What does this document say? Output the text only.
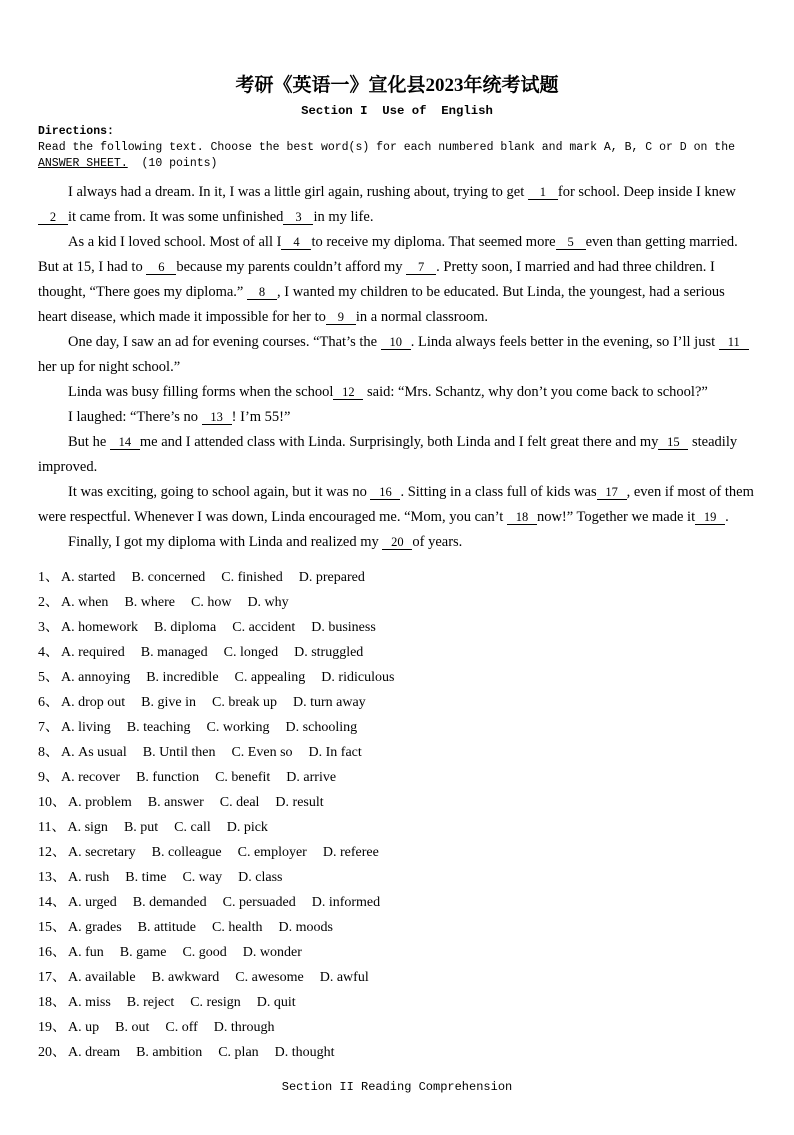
考研《英语一》宣化县2023年统考试题
Section I  Use of  English
Directions:
Read the following text. Choose the best word(s) for each numbered blank and mark A, B, C or D on the
ANSWER SHEET.  (10 points)

I always had a dream. In it, I was a little girl again, rushing about, trying to get 1 for school. Deep inside I knew 2 it came from. It was some unfinished 3 in my life.

As a kid I loved school. Most of all I 4 to receive my diploma. That seemed more 5 even than getting married. But at 15, I had to 6 because my parents couldn’t afford my 7 . Pretty soon, I married and had three children. I thought, “There goes my diploma.” 8 , I wanted my children to be educated. But Linda, the youngest, had a serious heart disease, which made it impossible for her to 9 in a normal classroom.

One day, I saw an ad for evening courses. “That’s the 10 . Linda always feels better in the evening, so I’ll just 11her up for night school.”

Linda was busy filling forms when the school 12 said: “Mrs. Schantz, why don’t you come back to school?”

I laughed: “There’s no 13 ! I’m 55!”

But he 14 me and I attended class with Linda. Surprisingly, both Linda and I felt great there and my 15 steadily improved.

It was exciting, going to school again, but it was no 16 . Sitting in a class full of kids was 17 , even if most of them were respectful. Whenever I was down, Linda encouraged me. “Mom, you can’t 18 now!” Together we made it 19 .

Finally, I got my diploma with Linda and realized my 20 of years.

1、 A. started B. concerned C. finished D. prepared
2、 A. when B. where C. how D. why
3、 A. homework B. diploma C. accident D. business
4、 A. required B. managed C. longed D. struggled
5、 A. annoying B. incredible C. appealing D. ridiculous
6、 A. drop out B. give in C. break up D. turn away
7、 A. living B. teaching C. working D. schooling
8、 A. As usual B. Until then C. Even so D. In fact
9、 A. recover B. function C. benefit D. arrive
10、 A. problem B. answer C. deal D. result
11、 A. sign B. put C. call D. pick
12、 A. secretary B. colleague C. employer D. referee
13、 A. rush B. time C. way D. class
14、 A. urged B. demanded C. persuaded D. informed
15、 A. grades B. attitude C. health D. moods
16、 A. fun B. game C. good D. wonder
17、 A. available B. awkward C. awesome D. awful
18、 A. miss B. reject C. resign D. quit
19、 A. up B. out C. off D. through
20、 A. dream B. ambition C. plan D. thought
Section II Reading Comprehension
